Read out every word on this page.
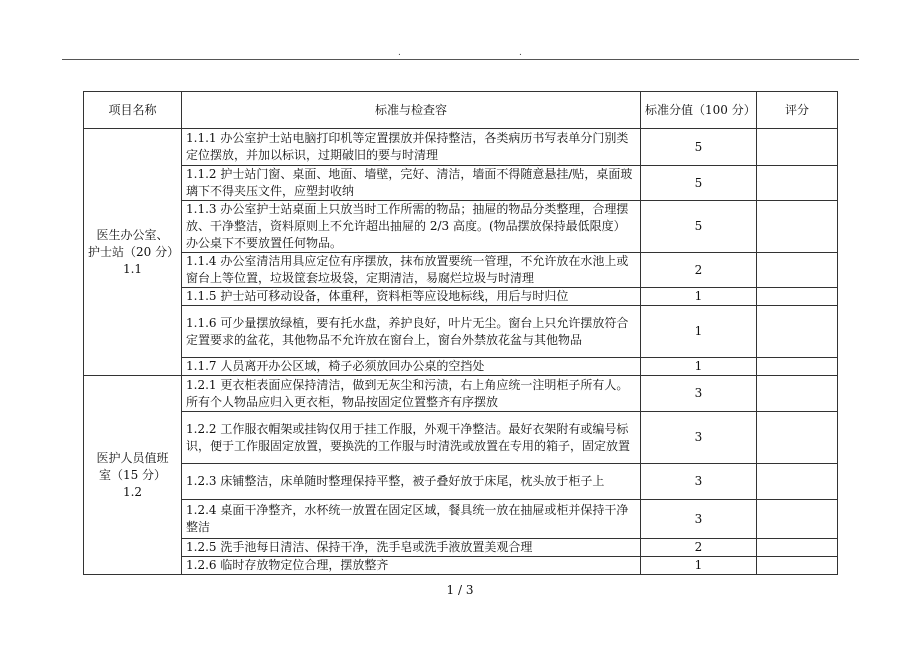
.	.
项目名称	标准与检查容	标准分值（100 分）	评分

医生办公室、
护士站（20 分）
1.1	1.1.1 办公室护士站电脑打印机等定置摆放并保持整洁，各类病历书写表单分门别类定位摆放，并加以标识，过期破旧的要与时清理	5	
	1.1.2 护士站门窗、桌面、地面、墙壁，完好、清洁，墙面不得随意悬挂/贴，桌面玻璃下不得夹压文件，应塑封收纳	5	
	1.1.3 办公室护士站桌面上只放当时工作所需的物品；抽屉的物品分类整理，合理摆放、干净整洁，资料原则上不允许超出抽屉的 2/3 高度。(物品摆放保持最低限度）办公桌下不要放置任何物品。	5	
	1.1.4 办公室清洁用具应定位有序摆放，抹布放置要统一管理，不允许放在水池上或窗台上等位置，垃圾筐套垃圾袋，定期清洁，易腐烂垃圾与时清理	2	
	1.1.5 护士站可移动设备，体重秤，资料柜等应设地标线，用后与时归位	1	
	1.1.6 可少量摆放绿植，要有托水盘，养护良好，叶片无尘。窗台上只允许摆放符合定置要求的盆花，其他物品不允许放在窗台上，窗台外禁放花盆与其他物品	1	
	1.1.7 人员离开办公区域，椅子必须放回办公桌的空挡处	1	

医护人员值班
室（15 分）
1.2	1.2.1 更衣柜表面应保持清洁，做到无灰尘和污渍，右上角应统一注明柜子所有人。所有个人物品应归入更衣柜，物品按固定位置整齐有序摆放	3	
	1.2.2 工作服衣帽架或挂钩仅用于挂工作服，外观干净整洁。最好衣架附有或编号标识，便于工作服固定放置，要换洗的工作服与时清洗或放置在专用的箱子，固定放置	3	
	1.2.3 床铺整洁，床单随时整理保持平整，被子叠好放于床尾，枕头放于柜子上	3	
	1.2.4 桌面干净整齐，水杯统一放置在固定区域，餐具统一放在抽屉或柜并保持干净整洁	3	
	1.2.5 洗手池每日清洁、保持干净，洗手皂或洗手液放置美观合理	2	
	1.2.6 临时存放物定位合理，摆放整齐	1	
1 / 3
